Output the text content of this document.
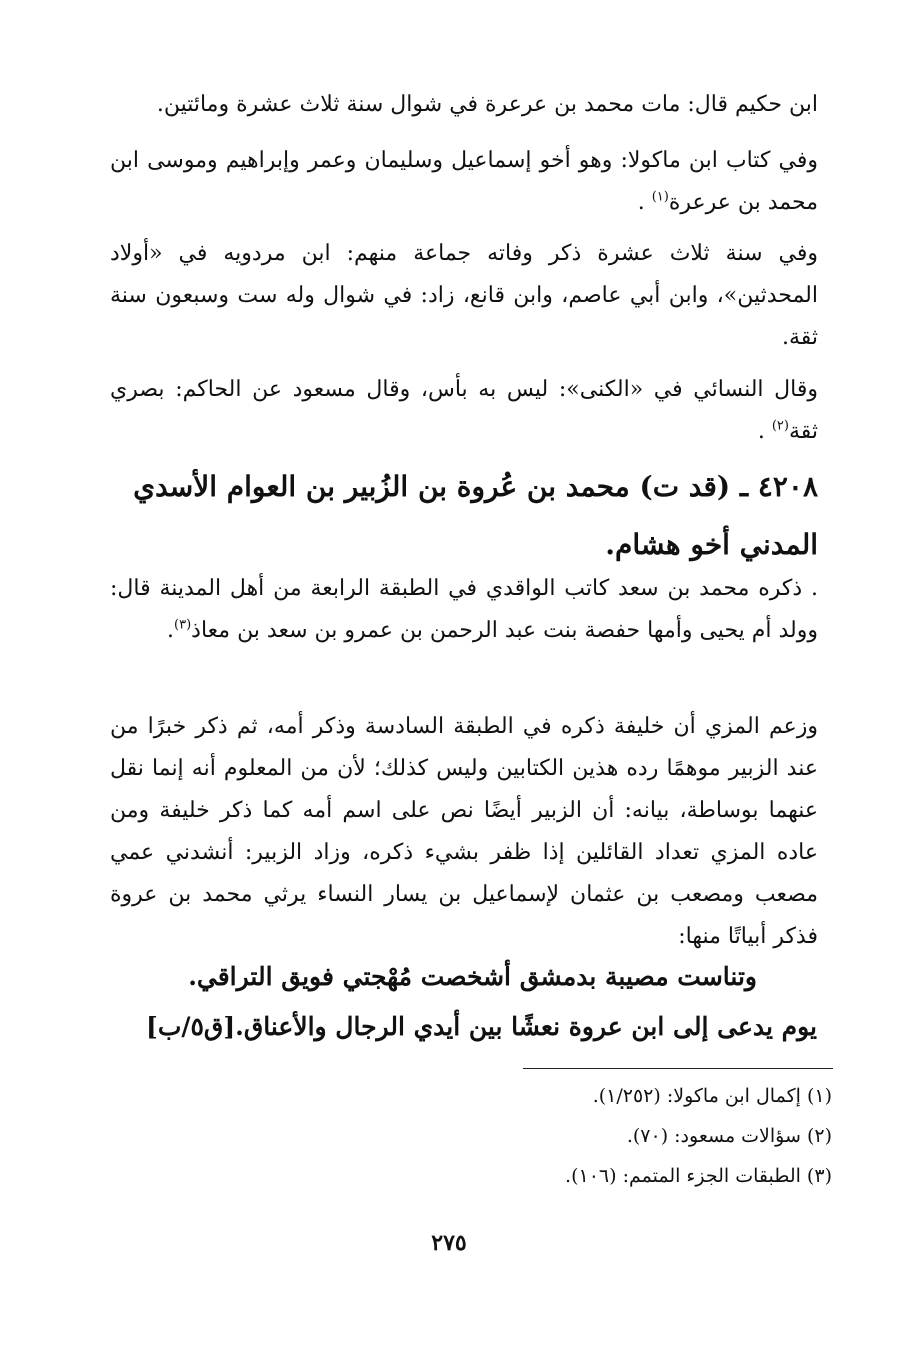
ابن حكيم قال: مات محمد بن عرعرة في شوال سنة ثلاث عشرة ومائتين.
وفي كتاب ابن ماكولا: وهو أخو إسماعيل وسليمان وعمر وإبراهيم وموسى ابن محمد بن عرعرة$^{(١)}$ .
وفي سنة ثلاث عشرة ذكر وفاته جماعة منهم: ابن مردويه في «أولاد المحدثين»، وابن أبي عاصم، وابن قانع، زاد: في شوال وله ست وسبعون سنة ثقة.
وقال النسائي في «الكنى»: ليس به بأس، وقال مسعود عن الحاكم: بصري ثقة$^{(٢)}$ .
٤٢٠٨ ـ (قد ت) محمد بن عُروة بن الزُبير بن العوام الأسدي المدني أخو هشام.
. ذكره محمد بن سعد كاتب الواقدي في الطبقة الرابعة من أهل المدينة قال: وولد أم يحيى وأمها حفصة بنت عبد الرحمن بن عمرو بن سعد بن معاذ$^{(٣)}$.
وزعم المزي أن خليفة ذكره في الطبقة السادسة وذكر أمه، ثم ذكر خبرًا من عند الزبير موهمًا رده هذين الكتابين وليس كذلك؛ لأن من المعلوم أنه إنما نقل عنهما بوساطة، بيانه: أن الزبير أيضًا نص على اسم أمه كما ذكر خليفة ومن عاده المزي تعداد القائلين إذا ظفر بشيء ذكره، وزاد الزبير: أنشدني عمي مصعب ومصعب بن عثمان لإسماعيل بن يسار النساء يرثي محمد بن عروة فذكر أبياتًا منها:
وتناست مصيبة بدمشق أشخصت مُهْجتي فويق التراقي.
يوم يدعى إلى ابن عروة نعشًا بين أيدي الرجال والأعناق.[ق٥/ب]
(١) إكمال ابن ماكولا: (١/٢٥٢).
(٢) سؤالات مسعود: (٧٠).
(٣) الطبقات الجزء المتمم: (١٠٦).
٢٧٥
